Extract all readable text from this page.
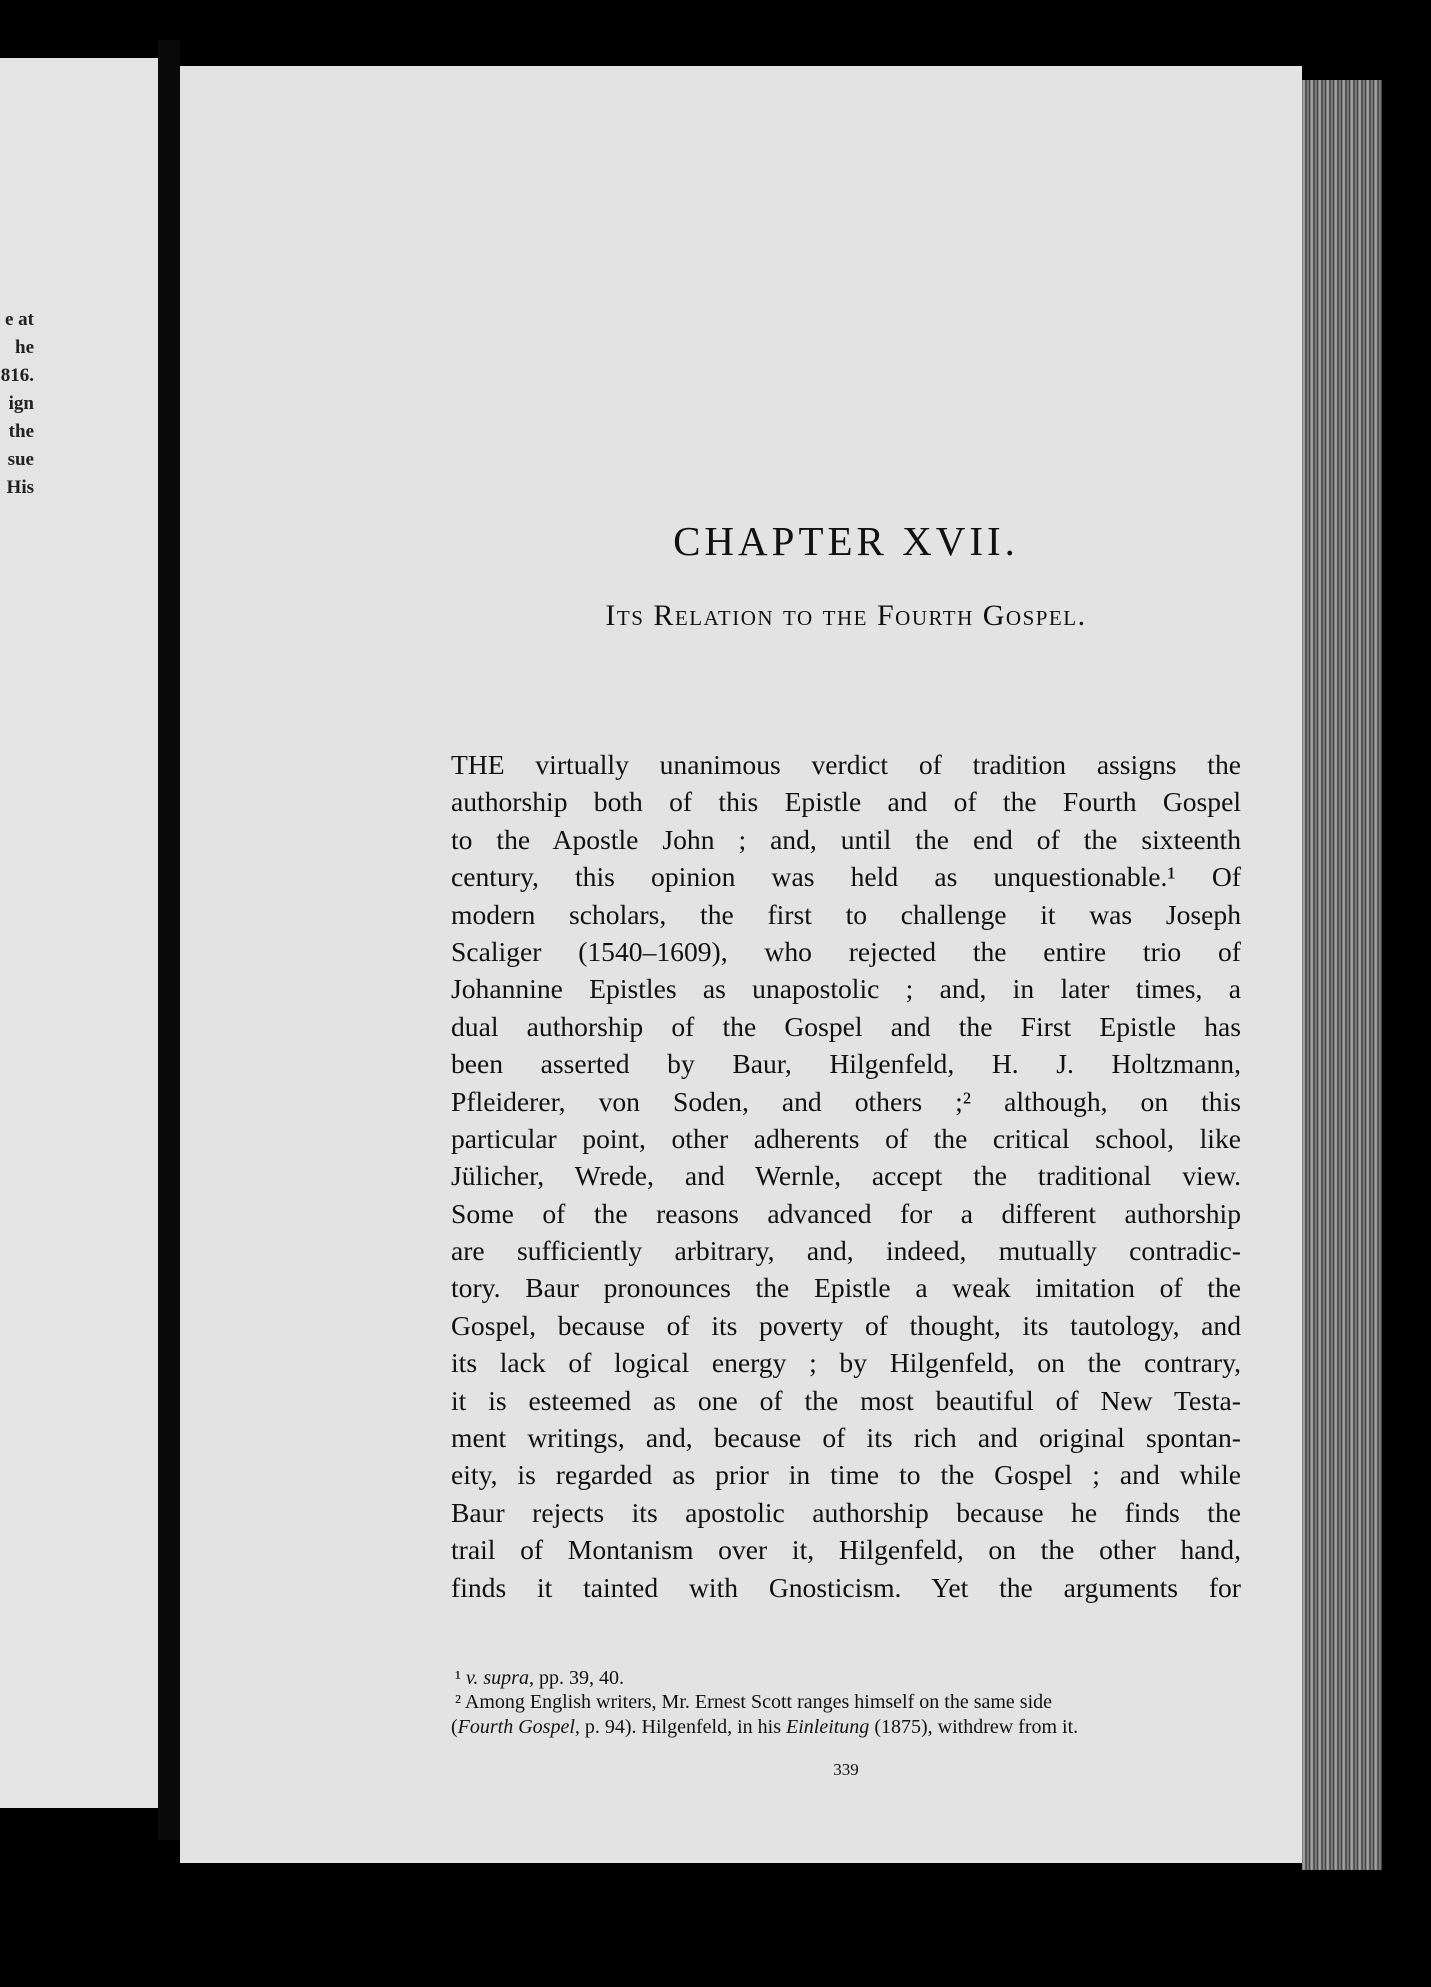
e at
he
816.
ign
the
sue
His
CHAPTER XVII.
Its Relation to the Fourth Gospel.
THE virtually unanimous verdict of tradition assigns the
authorship both of this Epistle and of the Fourth Gospel
to the Apostle John ; and, until the end of the sixteenth
century, this opinion was held as unquestionable.¹ Of
modern scholars, the first to challenge it was Joseph
Scaliger (1540–1609), who rejected the entire trio of
Johannine Epistles as unapostolic ; and, in later times, a
dual authorship of the Gospel and the First Epistle has
been asserted by Baur, Hilgenfeld, H. J. Holtzmann,
Pfleiderer, von Soden, and others ;² although, on this
particular point, other adherents of the critical school, like
Jülicher, Wrede, and Wernle, accept the traditional view.
Some of the reasons advanced for a different authorship
are sufficiently arbitrary, and, indeed, mutually contradic-
tory. Baur pronounces the Epistle a weak imitation of the
Gospel, because of its poverty of thought, its tautology, and
its lack of logical energy ; by Hilgenfeld, on the contrary,
it is esteemed as one of the most beautiful of New Testa-
ment writings, and, because of its rich and original spontan-
eity, is regarded as prior in time to the Gospel ; and while
Baur rejects its apostolic authorship because he finds the
trail of Montanism over it, Hilgenfeld, on the other hand,
finds it tainted with Gnosticism. Yet the arguments for
¹ v. supra, pp. 39, 40.
² Among English writers, Mr. Ernest Scott ranges himself on the same side
(Fourth Gospel, p. 94). Hilgenfeld, in his Einleitung (1875), withdrew from it.
339
